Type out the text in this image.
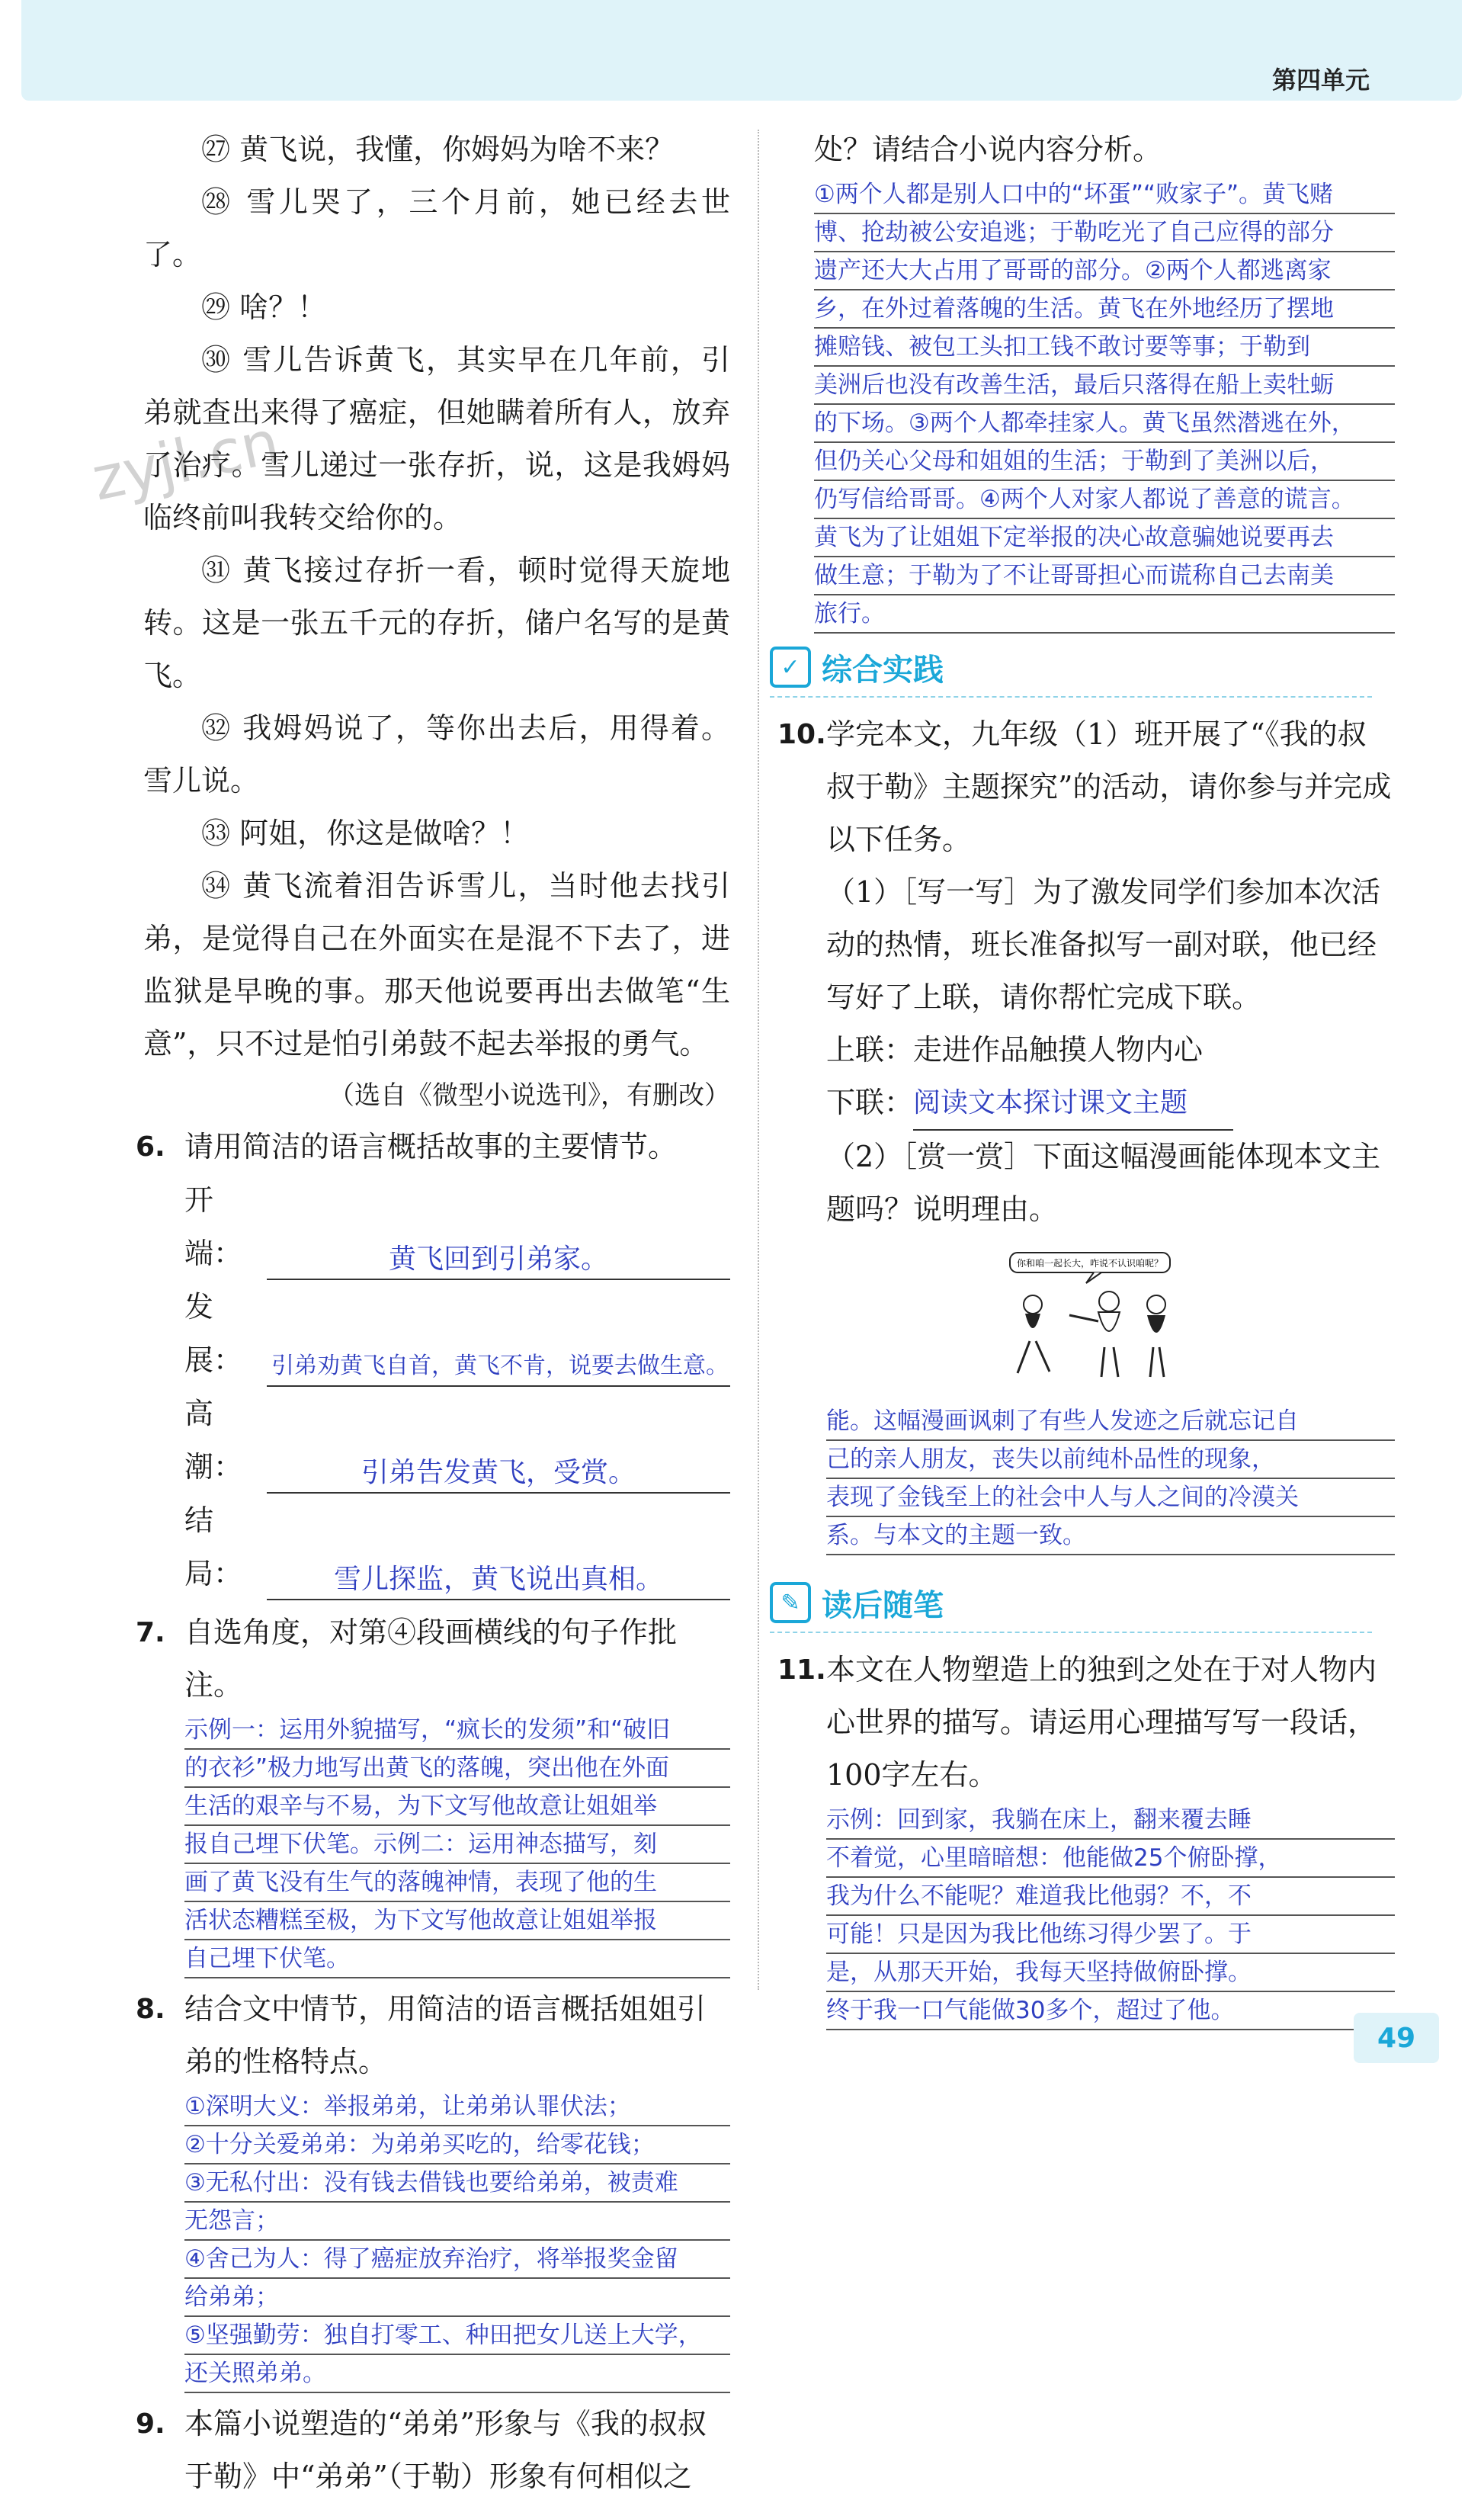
第四单元
zyjl.cn

㉗ 黄飞说，我懂，你姆妈为啥不来？

㉘ 雪儿哭了，三个月前，她已经去世了。

㉙ 啥？！

㉚ 雪儿告诉黄飞，其实早在几年前，引弟就查出来得了癌症，但她瞒着所有人，放弃了治疗。雪儿递过一张存折，说，这是我姆妈临终前叫我转交给你的。

㉛ 黄飞接过存折一看，顿时觉得天旋地转。这是一张五千元的存折，储户名写的是黄飞。

㉜ 我姆妈说了，等你出去后，用得着。雪儿说。

㉝ 阿姐，你这是做啥？！

㉞ 黄飞流着泪告诉雪儿，当时他去找引弟，是觉得自己在外面实在是混不下去了，进监狱是早晚的事。那天他说要再出去做笔“生意”，只不过是怕引弟鼓不起去举报的勇气。

（选自《微型小说选刊》，有删改）

6. 请用简洁的语言概括故事的主要情节。
开端：	黄飞回到引弟家。
发展：	引弟劝黄飞自首，黄飞不肯，说要去做生意。
高潮：	引弟告发黄飞，受赏。
结局：	雪儿探监，黄飞说出真相。
7. 自选角度，对第④段画横线的句子作批注。
示例一：运用外貌描写，“疯长的发须”和“破旧
的衣衫”极力地写出黄飞的落魄，突出他在外面
生活的艰辛与不易，为下文写他故意让姐姐举
报自己埋下伏笔。示例二：运用神态描写，刻
画了黄飞没有生气的落魄神情，表现了他的生
活状态糟糕至极，为下文写他故意让姐姐举报
自己埋下伏笔。
8. 结合文中情节，用简洁的语言概括姐姐引弟的性格特点。
①深明大义：举报弟弟，让弟弟认罪伏法；
②十分关爱弟弟：为弟弟买吃的，给零花钱；
③无私付出：没有钱去借钱也要给弟弟，被责难
无怨言；
④舍己为人：得了癌症放弃治疗，将举报奖金留
给弟弟；
⑤坚强勤劳：独自打零工、种田把女儿送上大学，
还关照弟弟。
9. 本篇小说塑造的“弟弟”形象与《我的叔叔于勒》中“弟弟”（于勒）形象有何相似之

处？请结合小说内容分析。

①两个人都是别人口中的“坏蛋”“败家子”。黄飞赌
博、抢劫被公安追逃；于勒吃光了自己应得的部分
遗产还大大占用了哥哥的部分。②两个人都逃离家
乡，在外过着落魄的生活。黄飞在外地经历了摆地
摊赔钱、被包工头扣工钱不敢讨要等事；于勒到
美洲后也没有改善生活，最后只落得在船上卖牡蛎
的下场。③两个人都牵挂家人。黄飞虽然潜逃在外，
但仍关心父母和姐姐的生活；于勒到了美洲以后，
仍写信给哥哥。④两个人对家人都说了善意的谎言。
黄飞为了让姐姐下定举报的决心故意骗她说要再去
做生意；于勒为了不让哥哥担心而谎称自己去南美
旅行。
✓ 综合实践
10. 学完本文，九年级（1）班开展了“《我的叔叔于勒》主题探究”的活动，请你参与并完成以下任务。

（1）［写一写］为了激发同学们参加本次活动的热情，班长准备拟写一副对联，他已经写好了上联，请你帮忙完成下联。

上联：走进作品触摸人物内心

下联： 阅读文本探讨课文主题

（2）［赏一赏］下面这幅漫画能体现本文主题吗？说明理由。

你和咱一起长大，咋说不认识咱呢？
能。这幅漫画讽刺了有些人发迹之后就忘记自
己的亲人朋友，丧失以前纯朴品性的现象，
表现了金钱至上的社会中人与人之间的冷漠关
系。与本文的主题一致。
✎ 读后随笔
11. 本文在人物塑造上的独到之处在于对人物内心世界的描写。请运用心理描写写一段话，100字左右。
示例：回到家，我躺在床上，翻来覆去睡
不着觉，心里暗暗想：他能做25个俯卧撑，
我为什么不能呢？难道我比他弱？不，不
可能！只是因为我比他练习得少罢了。于
是，从那天开始，我每天坚持做俯卧撑。
终于我一口气能做30多个，超过了他。
49
